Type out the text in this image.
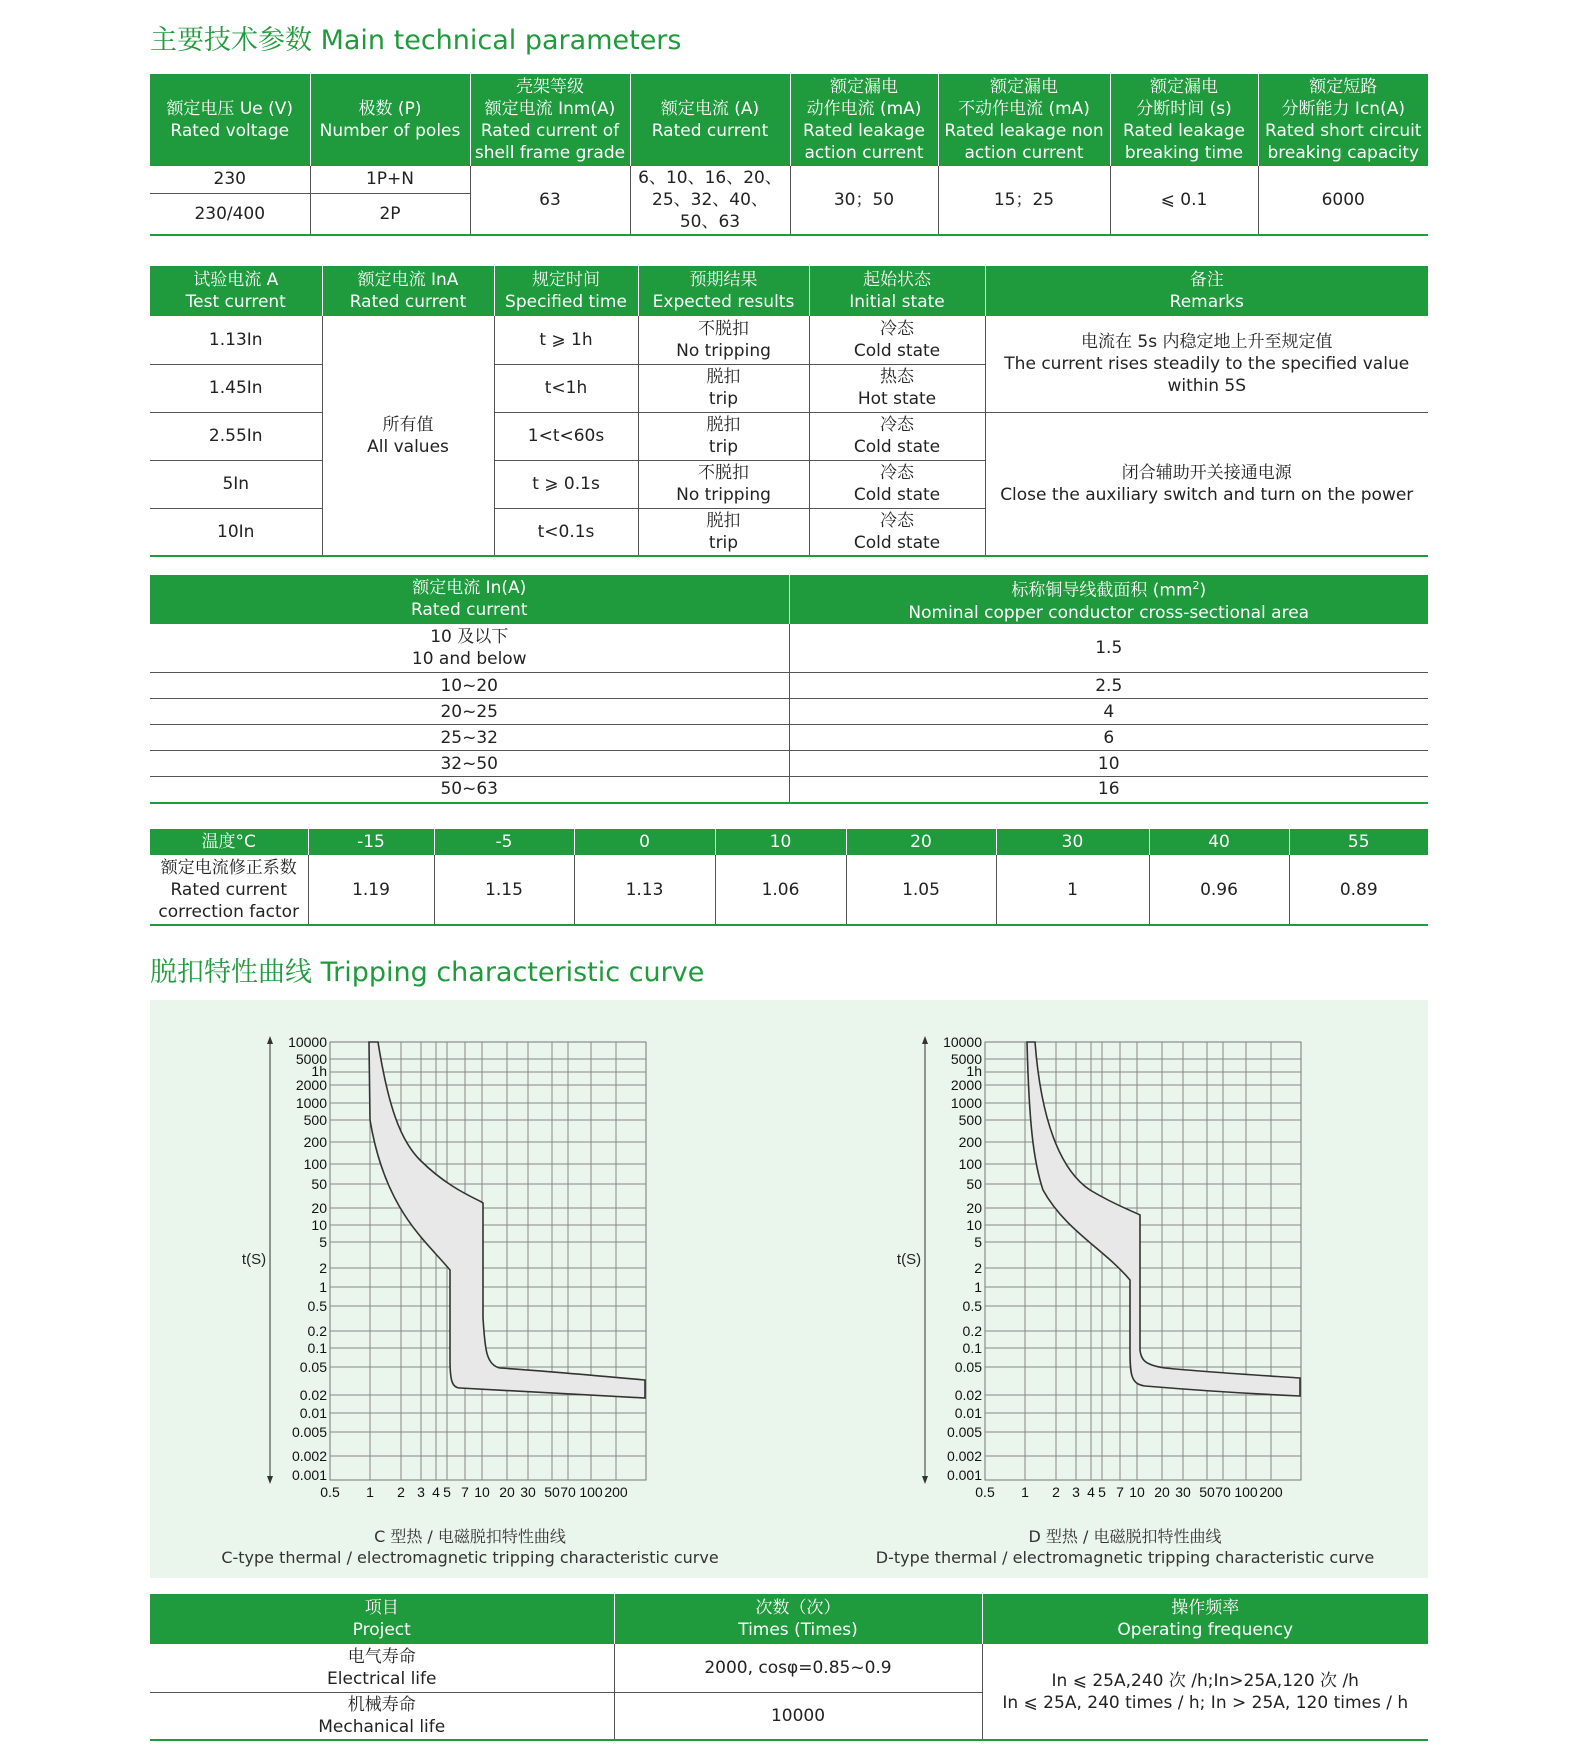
主要技术参数 Main technical parameters
额定电压 Ue (V)
Rated voltage	极数 (P)
Number of poles	壳架等级
额定电流 Inm(A)
Rated current of
shell frame grade	额定电流 (A)
Rated current	额定漏电
动作电流 (mA)
Rated leakage
action current	额定漏电
不动作电流 (mA)
Rated leakage non
action current	额定漏电
分断时间 (s)
Rated leakage
breaking time	额定短路
分断能力 Icn(A)
Rated short circuit
breaking capacity

230	1P+N	63	6、10、16、20、
25、32、40、
50、63	30；50	15；25	⩽ 0.1	6000
230/400	2P						
试验电流 A
Test current	额定电流 InA
Rated current	规定时间
Specified time	预期结果
Expected results	起始状态
Initial state	备注
Remarks

1.13In	所有值
All values	t ⩾ 1h	不脱扣
No tripping	冷态
Cold state	电流在 5s 内稳定地上升至规定值
The current rises steadily to the specified value
within 5S

1.45In		t<1h	脱扣
trip	热态
Hot state	

2.55In		1<t<60s	脱扣
trip	冷态
Cold state	闭合辅助开关接通电源
Close the auxiliary switch and turn on the power

5In		t ⩾ 0.1s	不脱扣
No tripping	冷态
Cold state	

10In		t<0.1s	脱扣
trip	冷态
Cold state	
额定电流 In(A)
Rated current	标称铜导线截面积 $(mm^2)$
Nominal copper conductor cross-sectional area

10 及以下
10 and below	1.5
10~20	2.5
20~25	4
25~32	6
32~50	10
50~63	16
温度°C	-15	-5	0	10	20	30	40	55

额定电流修正系数
Rated current
correction factor	1.19	1.15	1.13	1.06	1.05	1	0.96	0.89
脱扣特性曲线 Tripping characteristic curve
t(S)
10000
5000
1h
2000
1000
500
200
100
50
20
10
5
2
1
0.5
0.2
0.1
0.05
0.02
0.01
0.005
0.002
0.001
0.5 1 2 3 4 5 7 10 20 30 50 70 100 200
C 型热 / 电磁脱扣特性曲线
C-type thermal / electromagnetic tripping characteristic curve
t(S)
10000
5000
1h
2000
1000
500
200
100
50
20
10
5
2
1
0.5
0.2
0.1
0.05
0.02
0.01
0.005
0.002
0.001
0.5 1 2 3 4 5 7 10 20 30 50 70 100 200
D 型热 / 电磁脱扣特性曲线
D-type thermal / electromagnetic tripping characteristic curve
项目
Project	次数（次）
Times (Times)	操作频率
Operating frequency

电气寿命
Electrical life	2000, cosφ=0.85~0.9	In ⩽ 25A,240 次 /h;In>25A,120 次 /h
In ⩽ 25A, 240 times / h; In > 25A, 120 times / h

机械寿命
Mechanical life	10000	
